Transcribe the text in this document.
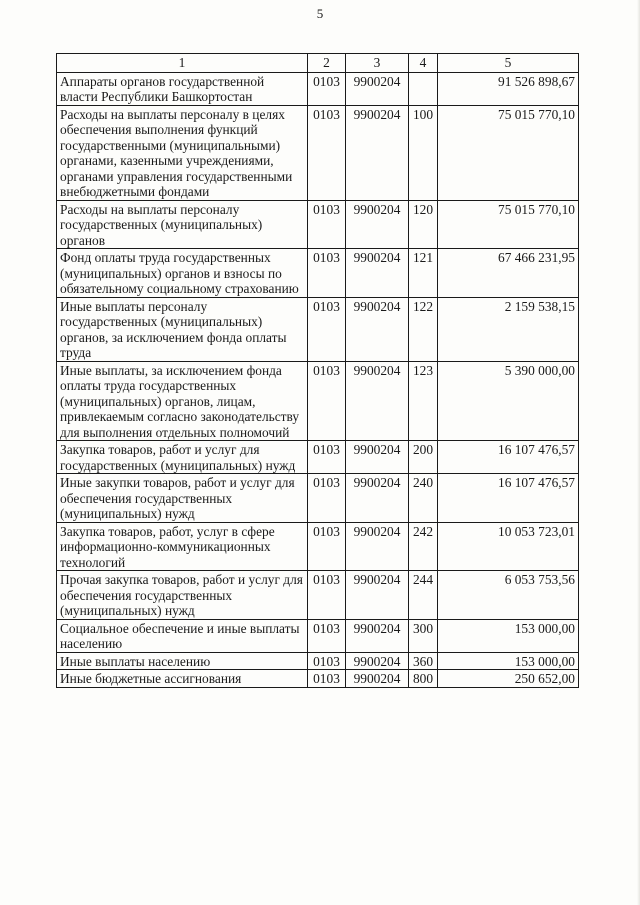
5
1	2	3	4	5
Аппараты органов государственной власти Республики Башкортостан	0103	9900204		91 526 898,67
Расходы на выплаты персоналу в целях обеспечения выполнения функций государственными (муниципальными) органами, казенными учреждениями, органами управления государственными внебюджетными фондами	0103	9900204	100	75 015 770,10
Расходы на выплаты персоналу государственных (муниципальных) органов	0103	9900204	120	75 015 770,10
Фонд оплаты труда государственных (муниципальных) органов и взносы по обязательному социальному страхованию	0103	9900204	121	67 466 231,95
Иные выплаты персоналу государственных (муниципальных) органов, за исключением фонда оплаты труда	0103	9900204	122	2 159 538,15
Иные выплаты, за исключением фонда оплаты труда государственных (муниципальных) органов, лицам, привлекаемым согласно законодательству для выполнения отдельных полномочий	0103	9900204	123	5 390 000,00
Закупка товаров, работ и услуг для государственных (муниципальных) нужд	0103	9900204	200	16 107 476,57
Иные закупки товаров, работ и услуг для обеспечения государственных (муниципальных) нужд	0103	9900204	240	16 107 476,57
Закупка товаров, работ, услуг в сфере информационно-коммуникационных технологий	0103	9900204	242	10 053 723,01
Прочая закупка товаров, работ и услуг для обеспечения государственных (муниципальных) нужд	0103	9900204	244	6 053 753,56
Социальное обеспечение и иные выплаты населению	0103	9900204	300	153 000,00
Иные выплаты населению	0103	9900204	360	153 000,00
Иные бюджетные ассигнования	0103	9900204	800	250 652,00
